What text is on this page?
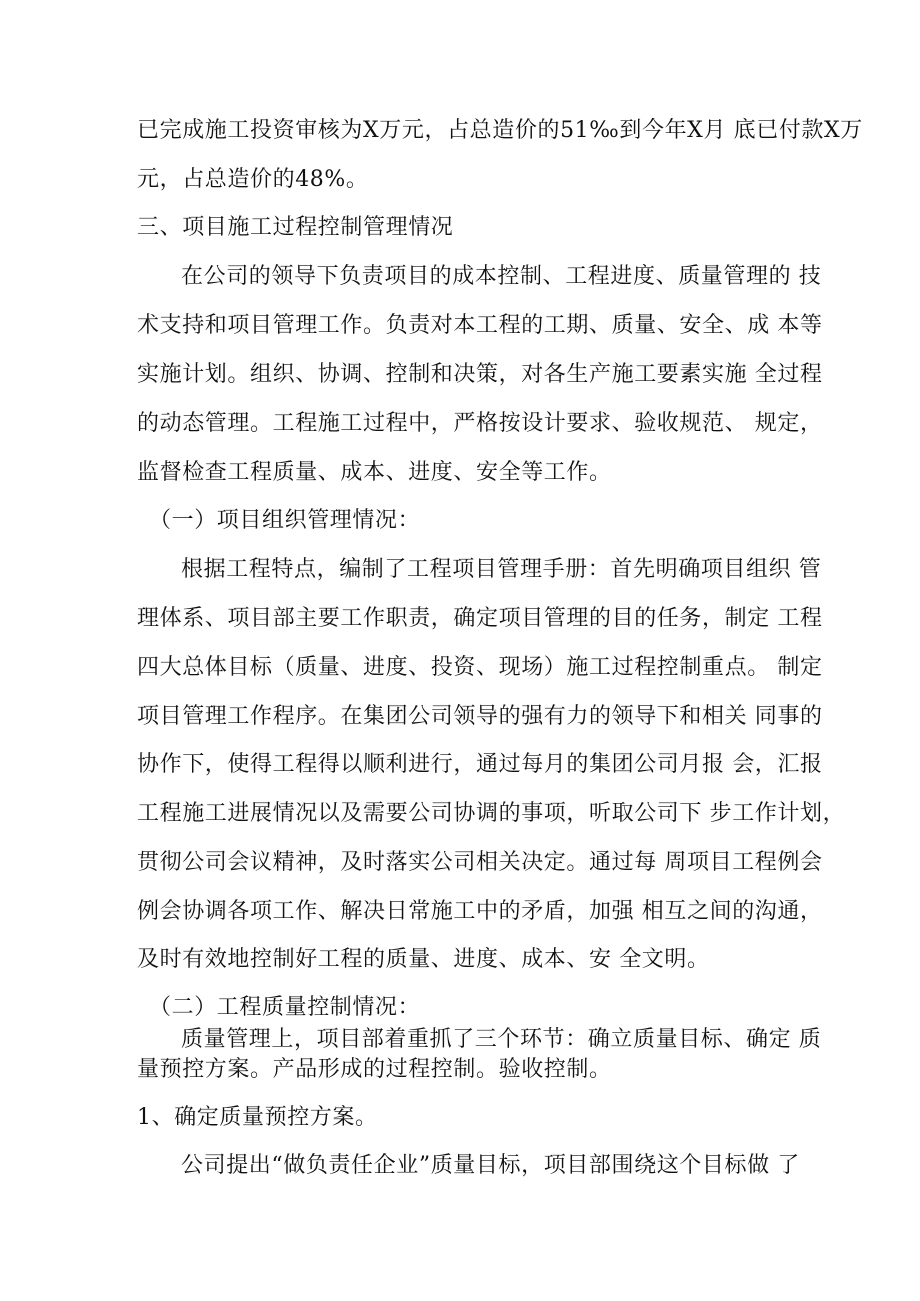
已完成施工投资审核为X万元，占总造价的51‰到今年X月 底已付款X万
元，占总造价的48%。
三、项目施工过程控制管理情况
在公司的领导下负责项目的成本控制、工程进度、质量管理的 技
术支持和项目管理工作。负责对本工程的工期、质量、安全、成 本等
实施计划。组织、协调、控制和决策，对各生产施工要素实施 全过程
的动态管理。工程施工过程中，严格按设计要求、验收规范、 规定，
监督检查工程质量、成本、进度、安全等工作。
（一）项目组织管理情况：
根据工程特点，编制了工程项目管理手册：首先明确项目组织 管
理体系、项目部主要工作职责，确定项目管理的目的任务，制定 工程
四大总体目标（质量、进度、投资、现场）施工过程控制重点。 制定
项目管理工作程序。在集团公司领导的强有力的领导下和相关 同事的
协作下，使得工程得以顺利进行，通过每月的集团公司月报 会，汇报
工程施工进展情况以及需要公司协调的事项，听取公司下 步工作计划，
贯彻公司会议精神，及时落实公司相关决定。通过每 周项目工程例会
例会协调各项工作、解决日常施工中的矛盾，加强 相互之间的沟通，
及时有效地控制好工程的质量、进度、成本、安 全文明。
（二）工程质量控制情况：
质量管理上，项目部着重抓了三个环节：确立质量目标、确定 质
量预控方案。产品形成的过程控制。验收控制。
1、确定质量预控方案。
公司提出“做负责任企业”质量目标，项目部围绕这个目标做 了
